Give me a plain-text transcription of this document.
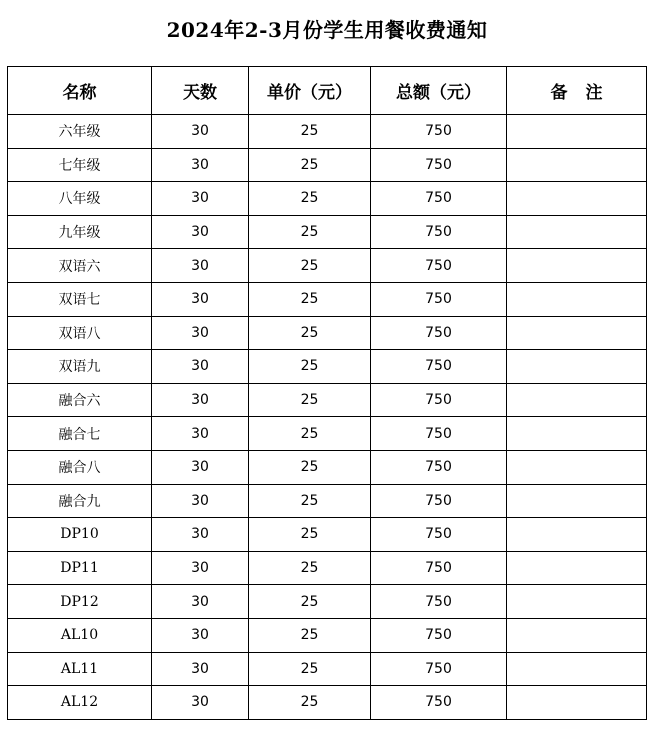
2024年2-3月份学生用餐收费通知
名称	天数	单价（元）	总额（元）	备注
六年级	30	25	750	
七年级	30	25	750	
八年级	30	25	750	
九年级	30	25	750	
双语六	30	25	750	
双语七	30	25	750	
双语八	30	25	750	
双语九	30	25	750	
融合六	30	25	750	
融合七	30	25	750	
融合八	30	25	750	
融合九	30	25	750	
DP10	30	25	750	
DP11	30	25	750	
DP12	30	25	750	
AL10	30	25	750	
AL11	30	25	750	
AL12	30	25	750	
